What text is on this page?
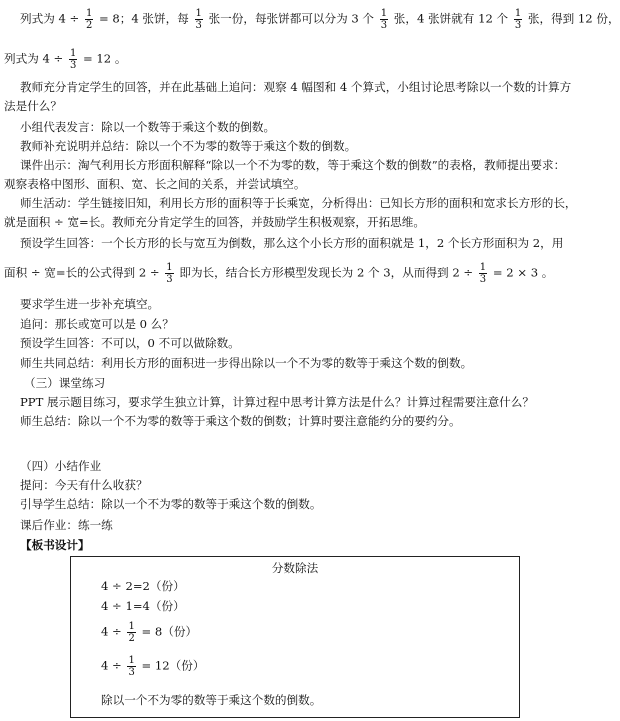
列式为 $4 \div \frac{1}{2} = 8$；4 张饼，每 $\frac{1}{3}$ 张一份，每张饼都可以分为 3 个 $\frac{1}{3}$ 张，4 张饼就有 12 个 $\frac{1}{3}$ 张，得到 12 份，
列式为 $4 \div \frac{1}{3} = 12$ 。
教师充分肯定学生的回答，并在此基础上追问：观察 4 幅图和 4 个算式，小组讨论思考除以一个数的计算方
法是什么？
小组代表发言：除以一个数等于乘这个数的倒数。
教师补充说明并总结：除以一个不为零的数等于乘这个数的倒数。
课件出示：淘气利用长方形面积解释“除以一个不为零的数，等于乘这个数的倒数”的表格，教师提出要求：
观察表格中图形、面积、宽、长之间的关系，并尝试填空。
师生活动：学生链接旧知，利用长方形的面积等于长乘宽，分析得出：已知长方形的面积和宽求长方形的长，
就是面积 ÷ 宽=长。教师充分肯定学生的回答，并鼓励学生积极观察，开拓思维。
预设学生回答：一个长方形的长与宽互为倒数，那么这个小长方形的面积就是 1，2 个长方形面积为 2，用
面积 ÷ 宽=长的公式得到 $2 \div \frac{1}{3}$ 即为长，结合长方形模型发现长为 2 个 3，从而得到 $2 \div \frac{1}{3} = 2 \times 3$ 。
要求学生进一步补充填空。
追问：那长或宽可以是 0 么？
预设学生回答：不可以，0 不可以做除数。
师生共同总结：利用长方形的面积进一步得出除以一个不为零的数等于乘这个数的倒数。
（三）课堂练习
PPT 展示题目练习，要求学生独立计算，计算过程中思考计算方法是什么？计算过程需要注意什么？
师生总结：除以一个不为零的数等于乘这个数的倒数；计算时要注意能约分的要约分。
（四）小结作业
提问：今天有什么收获？
引导学生总结：除以一个不为零的数等于乘这个数的倒数。
课后作业：练一练
【板书设计】
分数除法
4 ÷ 2=2（份）
4 ÷ 1=4（份）
$4 \div \frac{1}{2} = 8$（份）
$4 \div \frac{1}{3} = 12$（份）
除以一个不为零的数等于乘这个数的倒数。
